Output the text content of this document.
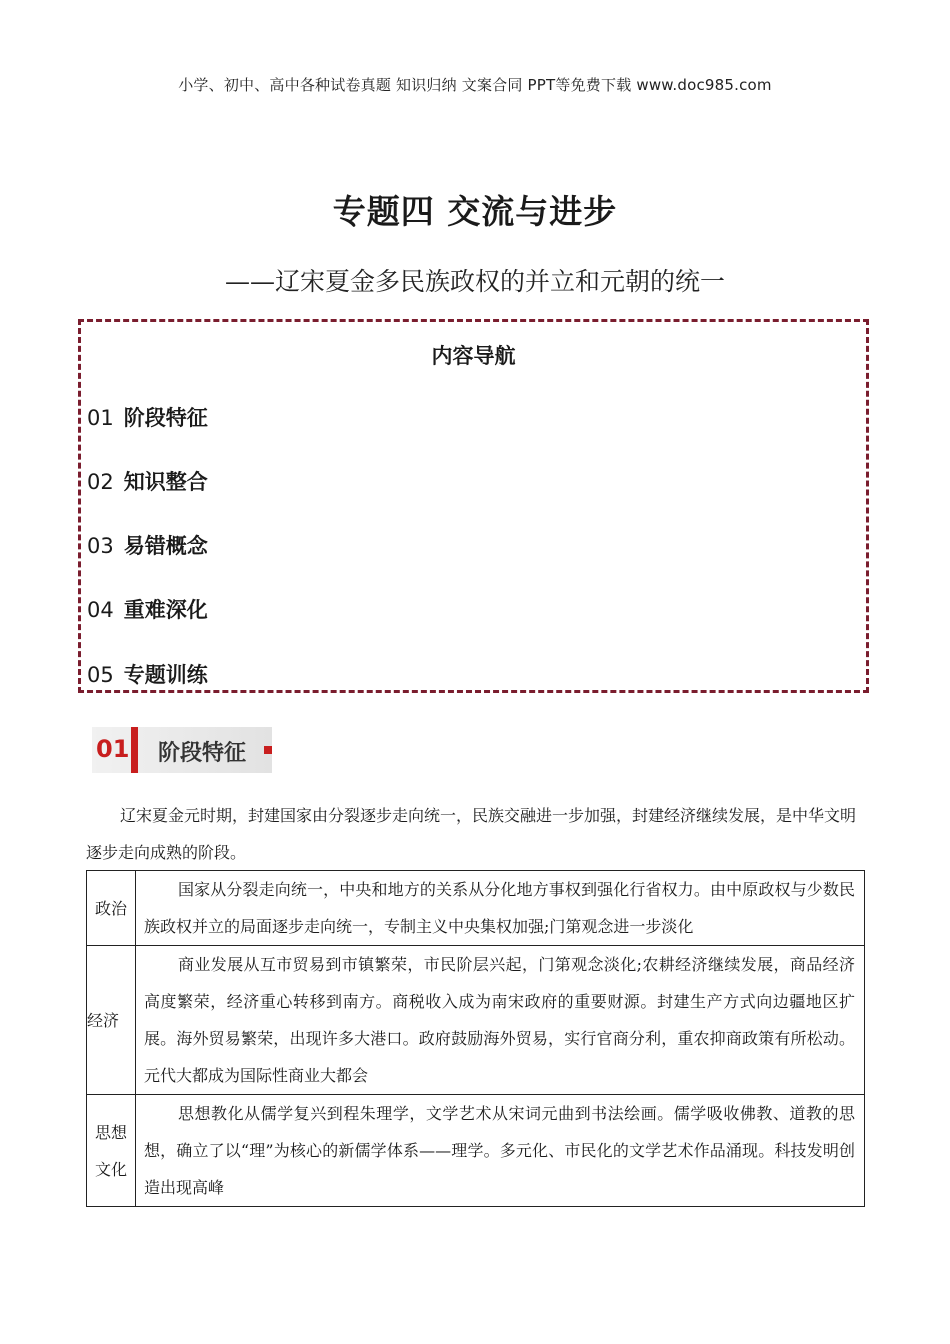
小学、初中、高中各种试卷真题 知识归纳 文案合同 PPT等免费下载 www.doc985.com
专题四 交流与进步
——辽宋夏金多民族政权的并立和元朝的统一
内容导航
01 阶段特征
02 知识整合
03 易错概念
04 重难深化
05 专题训练
01 阶段特征
辽宋夏金元时期，封建国家由分裂逐步走向统一，民族交融进一步加强，封建经济继续发展，是中华文明逐步走向成熟的阶段。
政治	国家从分裂走向统一，中央和地方的关系从分化地方事权到强化行省权力。由中原政权与少数民族政权并立的局面逐步走向统一，专制主义中央集权加强;门第观念进一步淡化
经济	商业发展从互市贸易到市镇繁荣，市民阶层兴起，门第观念淡化;农耕经济继续发展，商品经济高度繁荣，经济重心转移到南方。商税收入成为南宋政府的重要财源。封建生产方式向边疆地区扩展。海外贸易繁荣，出现许多大港口。政府鼓励海外贸易，实行官商分利，重农抑商政策有所松动。元代大都成为国际性商业大都会

思想
文化	思想教化从儒学复兴到程朱理学，文学艺术从宋词元曲到书法绘画。儒学吸收佛教、道教的思想，确立了以“理”为核心的新儒学体系——理学。多元化、市民化的文学艺术作品涌现。科技发明创造出现高峰
